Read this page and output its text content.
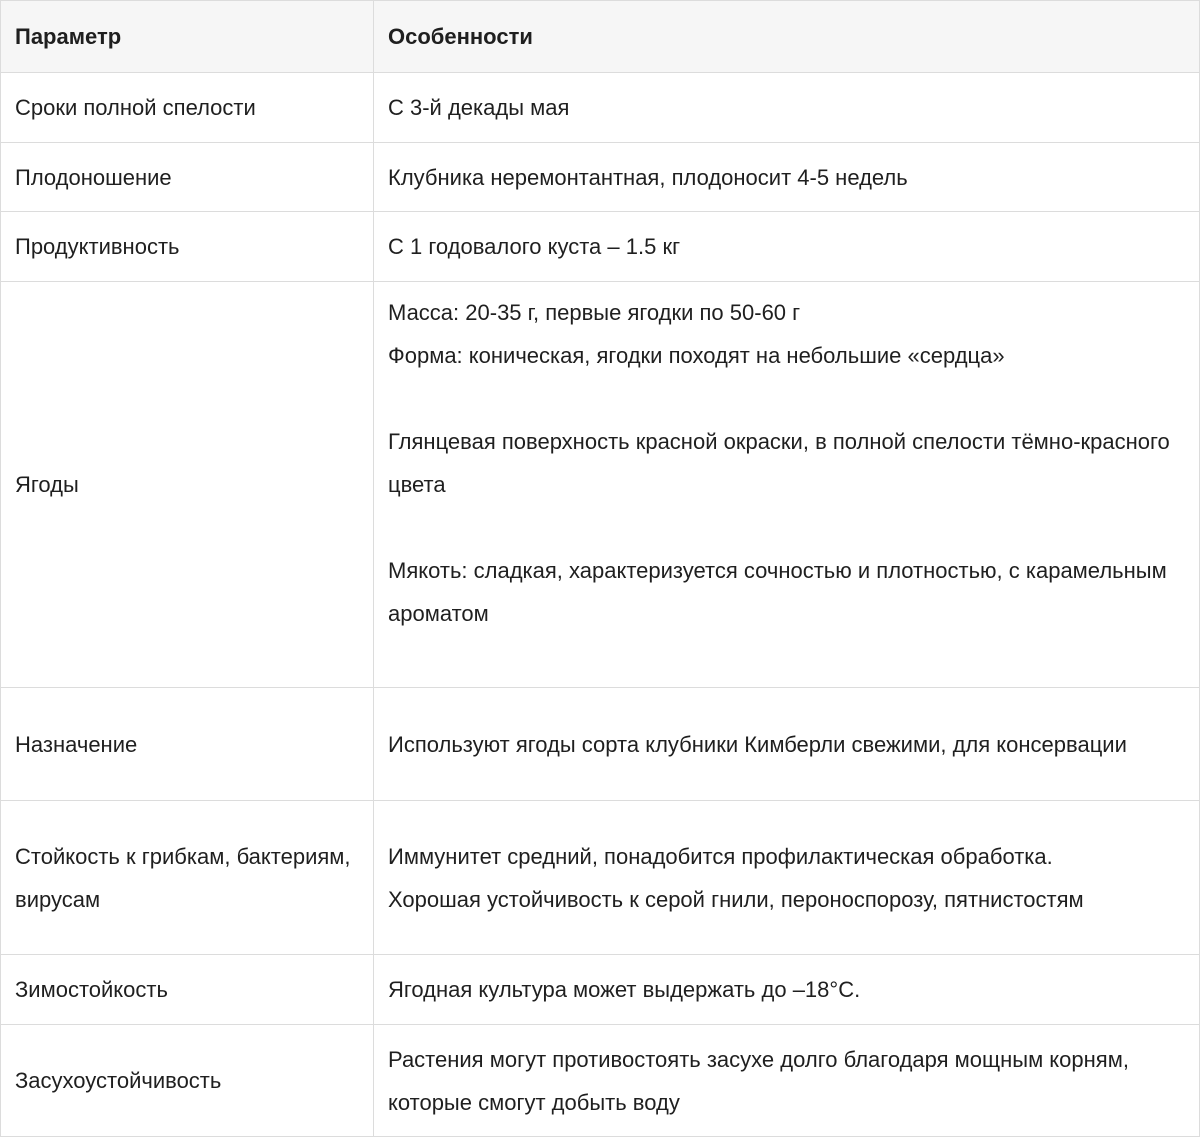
Параметр	Особенности
Сроки полной спелости	С 3-й декады мая
Плодоношение	Клубника неремонтантная, плодоносит 4-5 недель
Продуктивность	С 1 годовалого куста – 1.5 кг
Ягоды	Масса: 20-35 г, первые ягодки по 50-60 г
Форма: коническая, ягодки походят на небольшие «сердца»
Глянцевая поверхность красной окраски, в полной спелости тёмно-красного цвета
Мякоть: сладкая, характеризуется сочностью и плотностью, с карамельным ароматом

Назначение	Используют ягоды сорта клубники Кимберли свежими, для консервации
Стойкость к грибкам, бактериям, вирусам	Иммунитет средний, понадобится профилактическая обработка.
Хорошая устойчивость к серой гнили, пероноспорозу, пятнистостям

Зимостойкость	Ягодная культура может выдержать до –18°С.
Засухоустойчивость	Растения могут противостоять засухе долго благодаря мощным корням, которые смогут добыть воду
